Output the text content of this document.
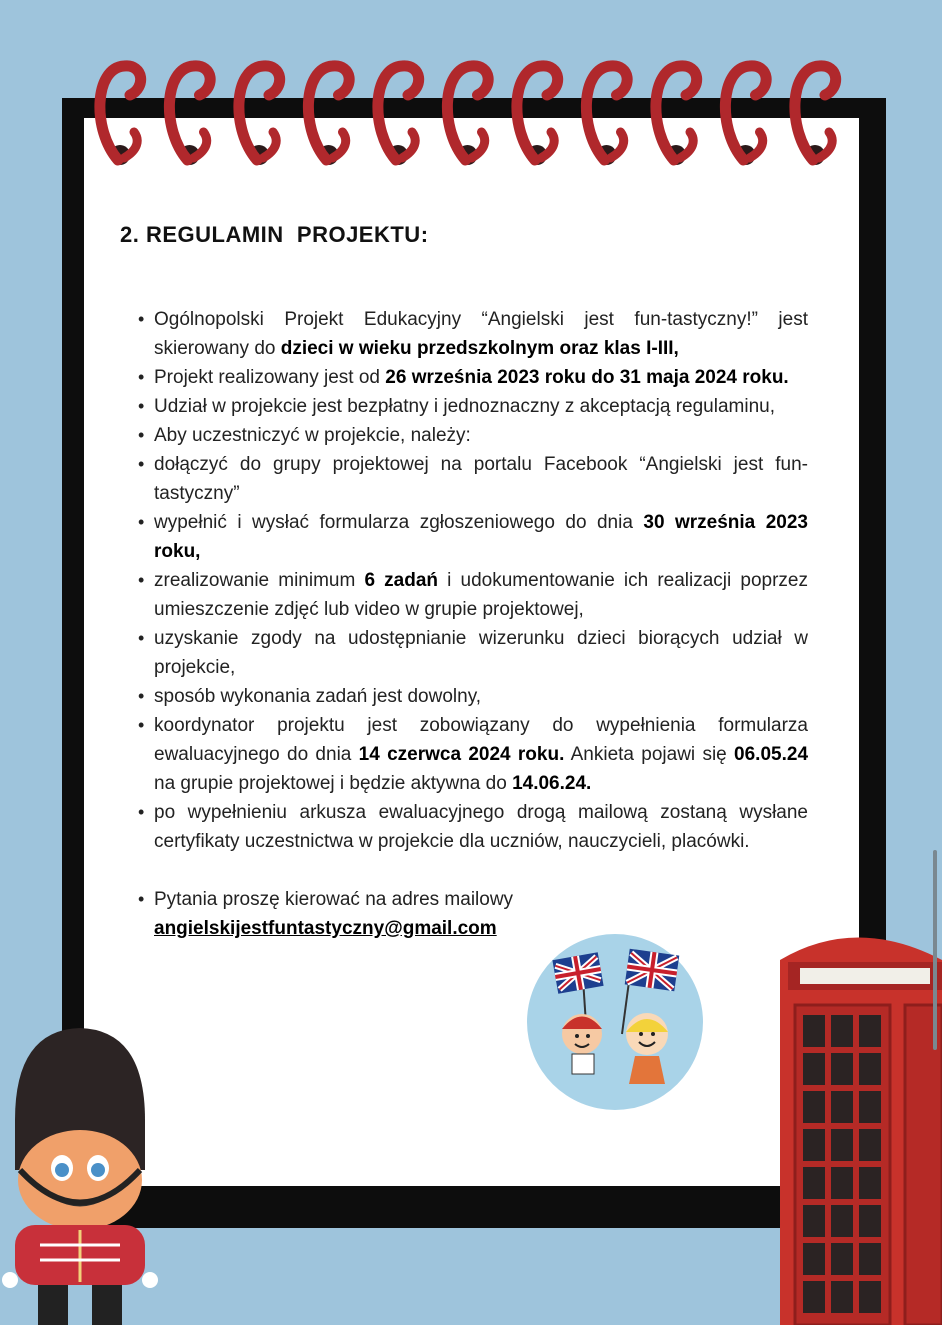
2. REGULAMIN  PROJEKTU:
• Ogólnopolski Projekt Edukacyjny “Angielski jest fun-tastyczny!” jest skierowany do dzieci w wieku przedszkolnym oraz klas I-III,
• Projekt realizowany jest od 26 września 2023 roku do 31 maja 2024 roku.
• Udział w projekcie jest bezpłatny i jednoznaczny z akceptacją regulaminu,
• Aby uczestniczyć w projekcie, należy:
• dołączyć do grupy projektowej na portalu Facebook “Angielski jest fun-tastyczny”
• wypełnić i wysłać formularza zgłoszeniowego do dnia 30 września 2023 roku,
• zrealizowanie minimum 6 zadań i udokumentowanie ich realizacji poprzez umieszczenie zdjęć lub video w grupie projektowej,
• uzyskanie zgody na udostępnianie wizerunku dzieci biorących udział w projekcie,
• sposób wykonania zadań jest dowolny,
• koordynator projektu jest zobowiązany do wypełnienia formularza ewaluacyjnego do dnia 14 czerwca 2024 roku. Ankieta pojawi się 06.05.24 na grupie projektowej i będzie aktywna do 14.06.24.
• po wypełnieniu arkusza ewaluacyjnego drogą mailową zostaną wysłane certyfikaty uczestnictwa w projekcie dla uczniów, nauczycieli, placówki.
• Pytania proszę kierować na adres mailowy
angielskijestfuntastyczny@gmail.com
